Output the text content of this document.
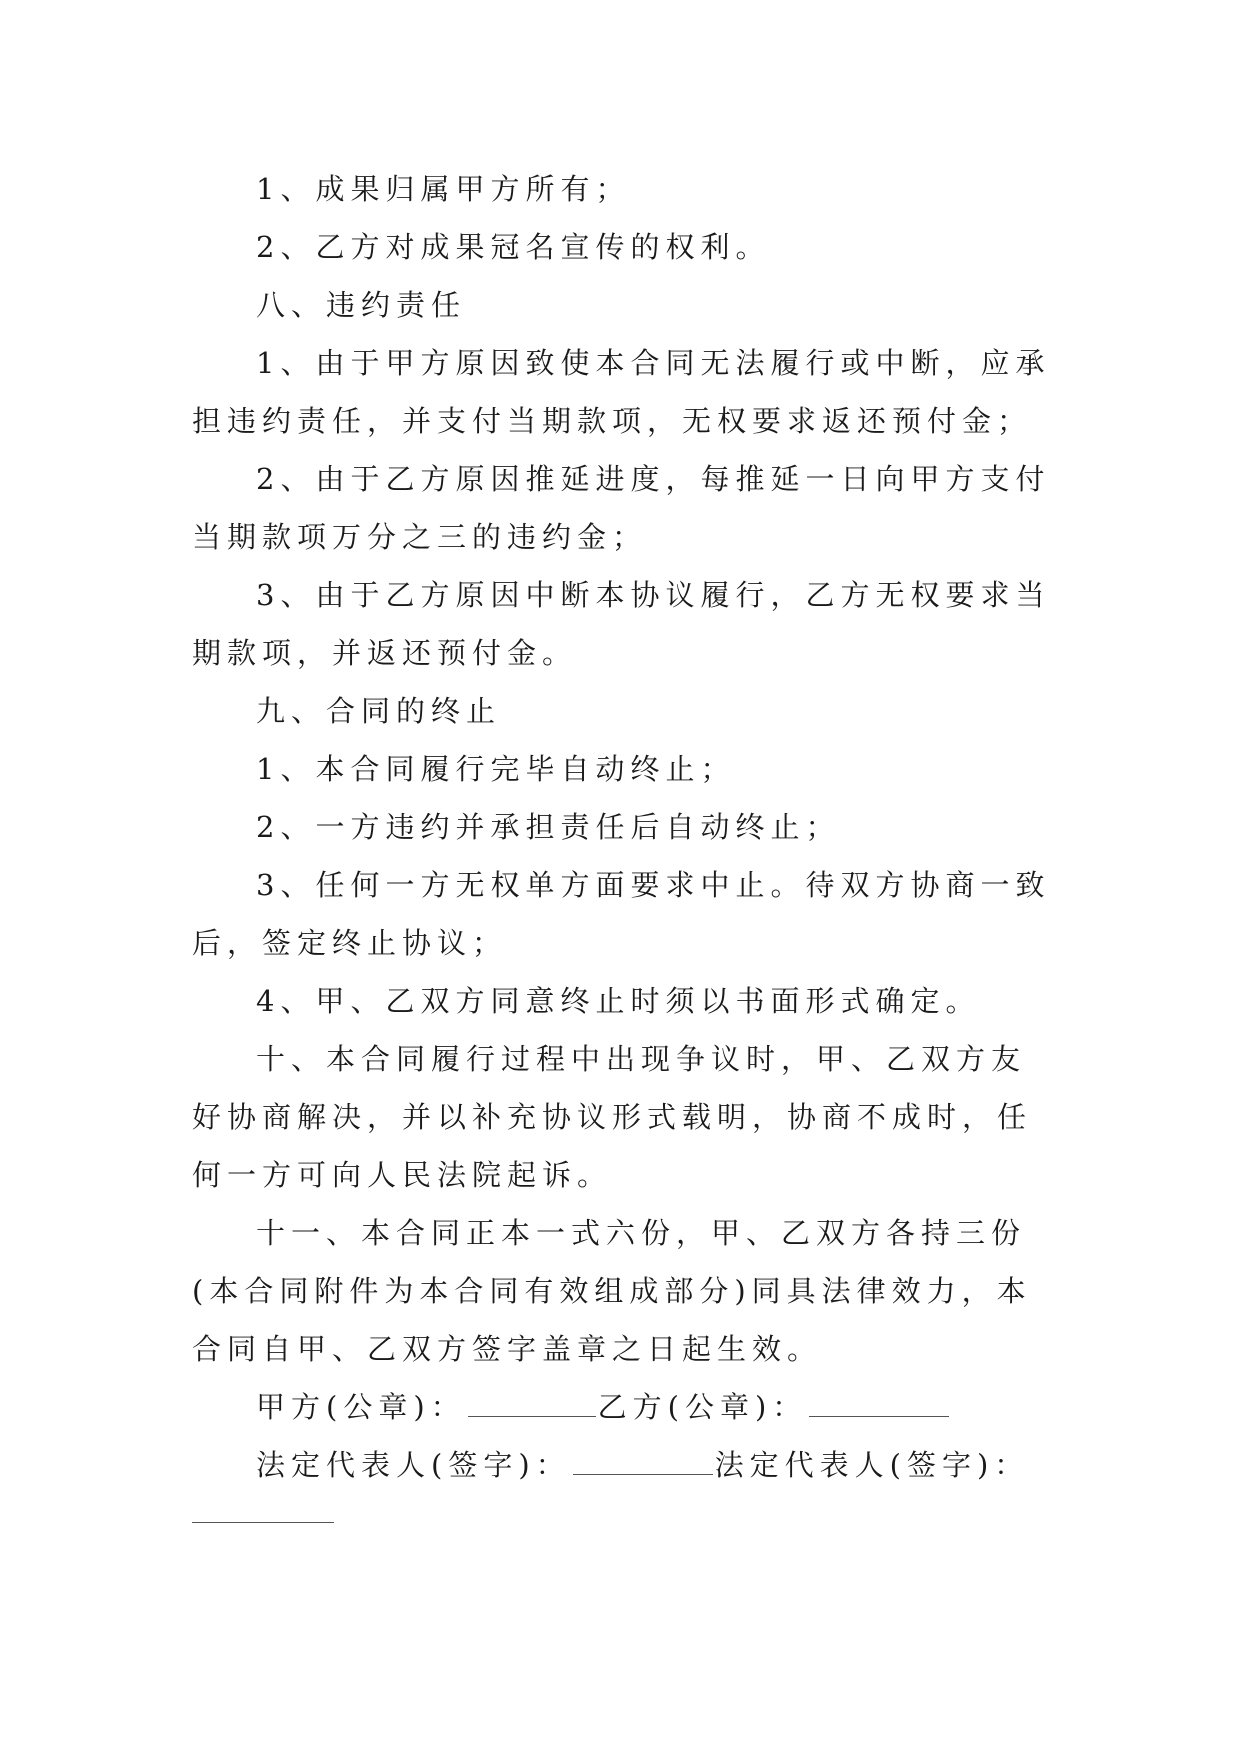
1、成果归属甲方所有；

2、乙方对成果冠名宣传的权利。

八、违约责任

1、由于甲方原因致使本合同无法履行或中断，应承担违约责任，并支付当期款项，无权要求返还预付金；

2、由于乙方原因推延进度，每推延一日向甲方支付当期款项万分之三的违约金；

3、由于乙方原因中断本协议履行，乙方无权要求当期款项，并返还预付金。

九、合同的终止

1、本合同履行完毕自动终止；

2、一方违约并承担责任后自动终止；

3、任何一方无权单方面要求中止。待双方协商一致后，签定终止协议；

4、甲、乙双方同意终止时须以书面形式确定。

十、本合同履行过程中出现争议时，甲、乙双方友好协商解决，并以补充协议形式载明，协商不成时，任何一方可向人民法院起诉。

十一、本合同正本一式六份，甲、乙双方各持三份(本合同附件为本合同有效组成部分)同具法律效力，本合同自甲、乙双方签字盖章之日起生效。

甲方(公章)：	乙方(公章)：

法定代表人(签字)：	法定代表人(签字)：
